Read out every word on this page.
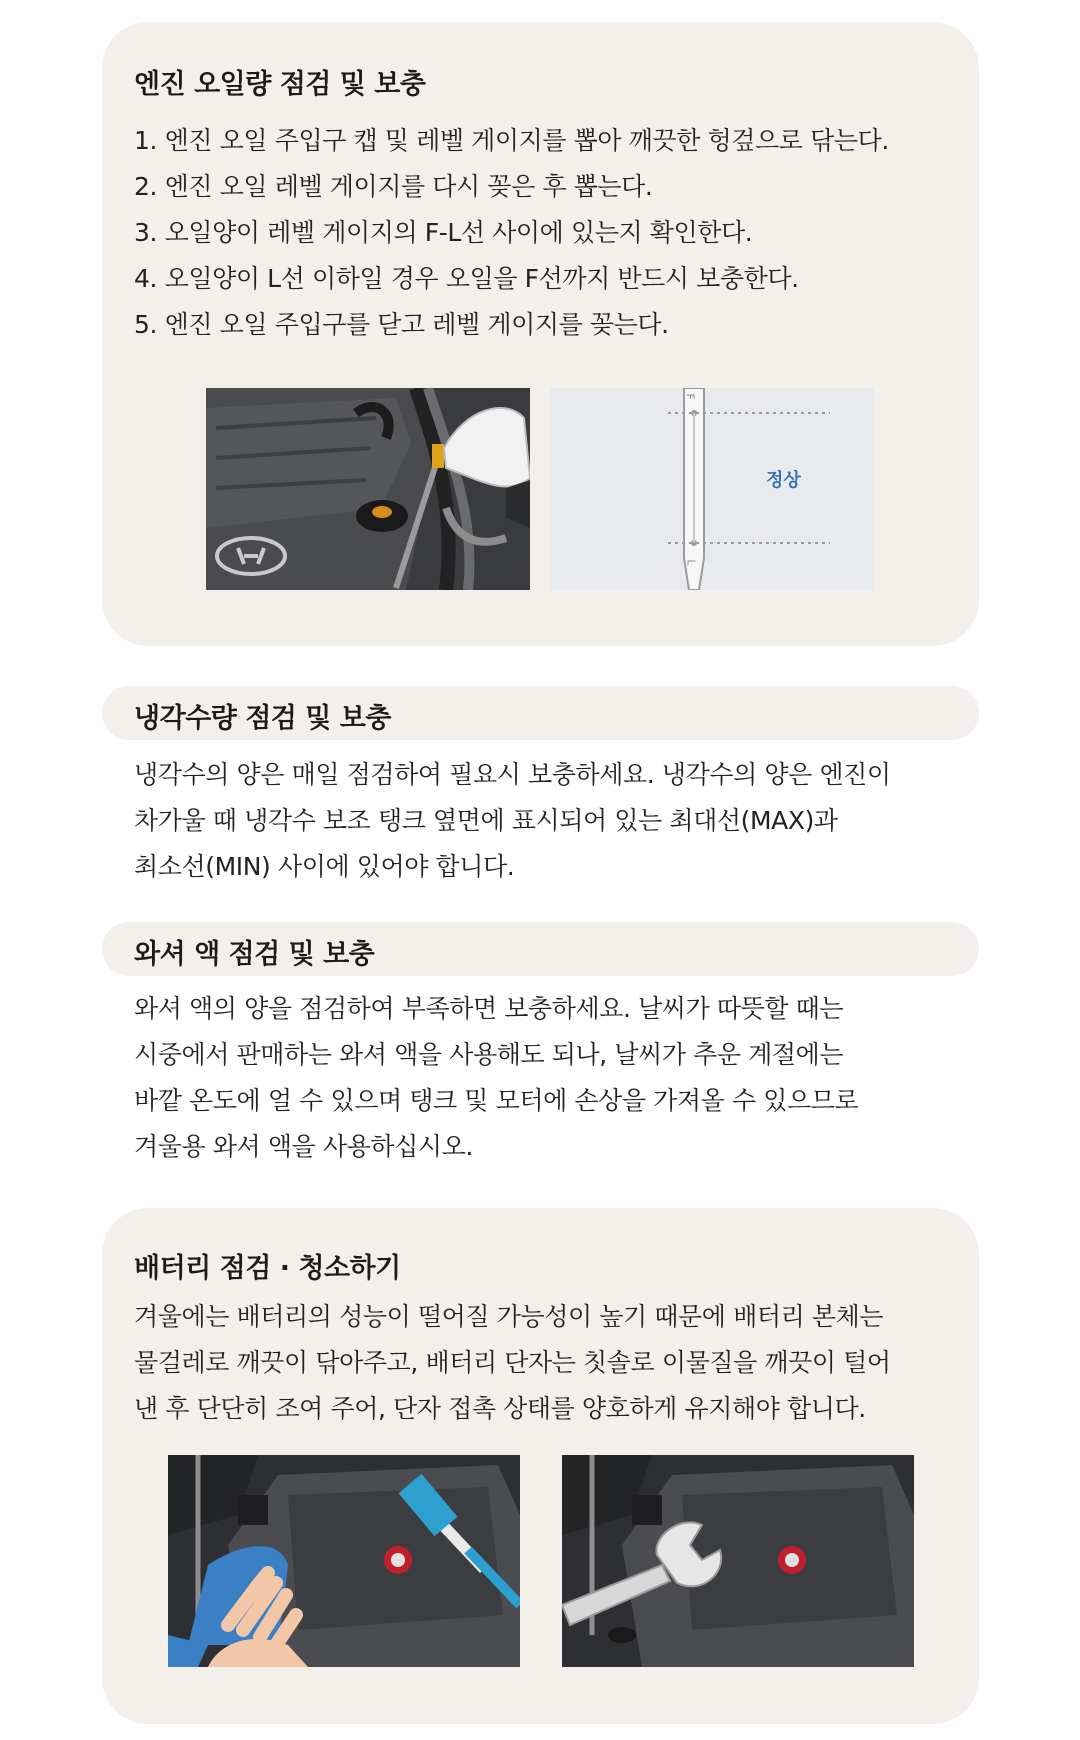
엔진 오일량 점검 및 보충
1. 엔진 오일 주입구 캡 및 레벨 게이지를 뽑아 깨끗한 헝겊으로 닦는다.
2. 엔진 오일 레벨 게이지를 다시 꽂은 후 뽑는다.
3. 오일양이 레벨 게이지의 F-L선 사이에 있는지 확인한다.
4. 오일양이 L선 이하일 경우 오일을 F선까지 반드시 보충한다.
5. 엔진 오일 주입구를 닫고 레벨 게이지를 꽂는다.
F
L
정상
냉각수량 점검 및 보충
냉각수의 양은 매일 점검하여 필요시 보충하세요. 냉각수의 양은 엔진이
차가울 때 냉각수 보조 탱크 옆면에 표시되어 있는 최대선(MAX)과
최소선(MIN) 사이에 있어야 합니다.
와셔 액 점검 및 보충
와셔 액의 양을 점검하여 부족하면 보충하세요. 날씨가 따뜻할 때는
시중에서 판매하는 와셔 액을 사용해도 되나, 날씨가 추운 계절에는
바깥 온도에 얼 수 있으며 탱크 및 모터에 손상을 가져올 수 있으므로
겨울용 와셔 액을 사용하십시오.
배터리 점검 · 청소하기
겨울에는 배터리의 성능이 떨어질 가능성이 높기 때문에 배터리 본체는
물걸레로 깨끗이 닦아주고, 배터리 단자는 칫솔로 이물질을 깨끗이 털어
낸 후 단단히 조여 주어, 단자 접촉 상태를 양호하게 유지해야 합니다.
